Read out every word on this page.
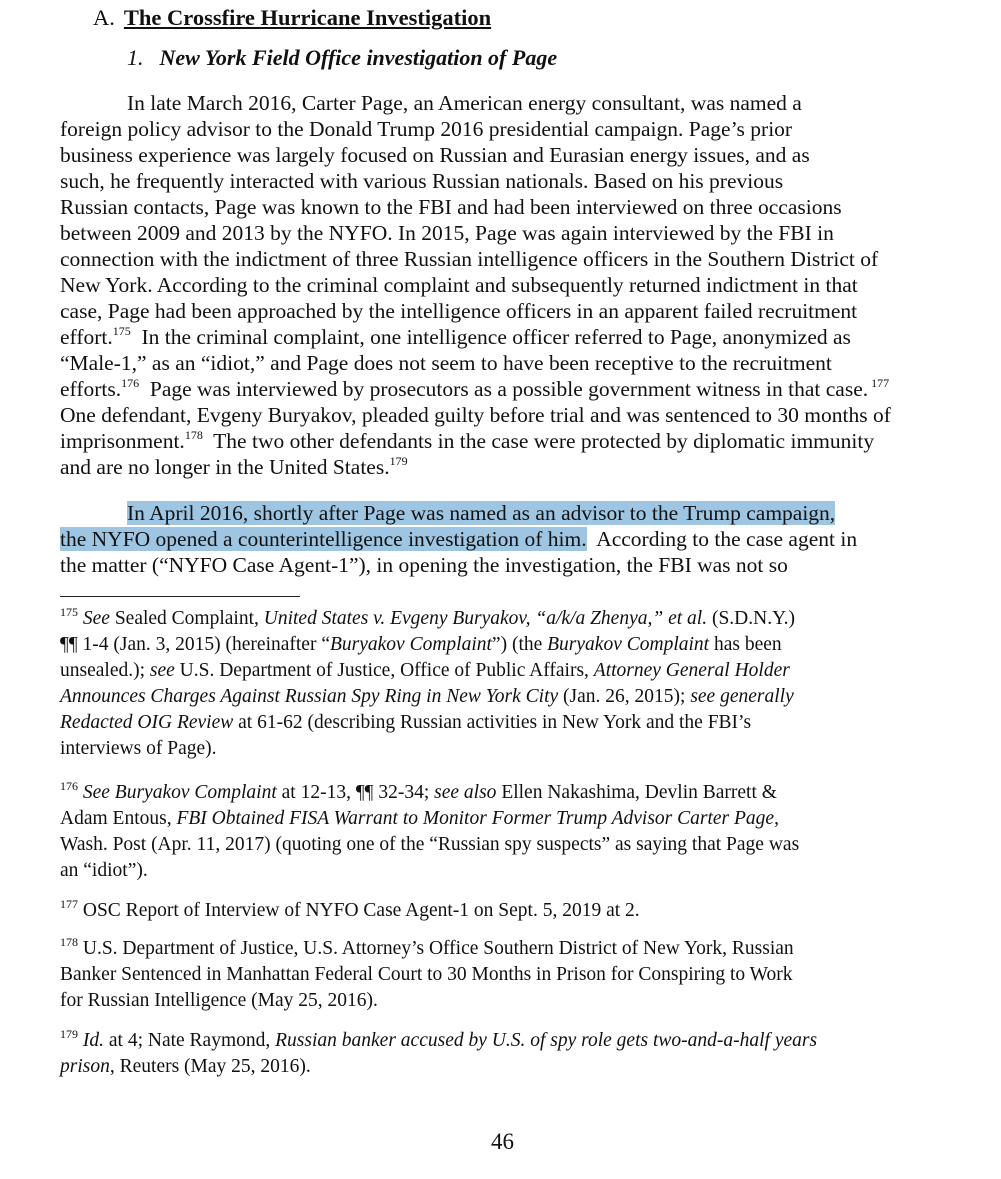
A. The Crossfire Hurricane Investigation
1. New York Field Office investigation of Page
In late March 2016, Carter Page, an American energy consultant, was named a
foreign policy advisor to the Donald Trump 2016 presidential campaign. Page’s prior
business experience was largely focused on Russian and Eurasian energy issues, and as
such, he frequently interacted with various Russian nationals. Based on his previous
Russian contacts, Page was known to the FBI and had been interviewed on three occasions
between 2009 and 2013 by the NYFO. In 2015, Page was again interviewed by the FBI in
connection with the indictment of three Russian intelligence officers in the Southern District of
New York. According to the criminal complaint and subsequently returned indictment in that
case, Page had been approached by the intelligence officers in an apparent failed recruitment
effort.$^{175}$  In the criminal complaint, one intelligence officer referred to Page, anonymized as
“Male-1,” as an “idiot,” and Page does not seem to have been receptive to the recruitment
efforts.$^{176}$  Page was interviewed by prosecutors as a possible government witness in that case. $^{177}$
One defendant, Evgeny Buryakov, pleaded guilty before trial and was sentenced to 30 months of
imprisonment.$^{178}$  The two other defendants in the case were protected by diplomatic immunity
and are no longer in the United States.$^{179}$
In April 2016, shortly after Page was named as an advisor to the Trump campaign,
the NYFO opened a counterintelligence investigation of him.  According to the case agent in
the matter (“NYFO Case Agent-1”), in opening the investigation, the FBI was not so
$^{175}$ See Sealed Complaint, United States v. Evgeny Buryakov, “a/k/a Zhenya,” et al. (S.D.N.Y.)
¶¶ 1-4 (Jan. 3, 2015) (hereinafter “Buryakov Complaint”) (the Buryakov Complaint has been
unsealed.); see U.S. Department of Justice, Office of Public Affairs, Attorney General Holder
Announces Charges Against Russian Spy Ring in New York City (Jan. 26, 2015); see generally
Redacted OIG Review at 61-62 (describing Russian activities in New York and the FBI’s
interviews of Page).
$^{176}$ See Buryakov Complaint at 12-13, ¶¶ 32-34; see also Ellen Nakashima, Devlin Barrett &
Adam Entous, FBI Obtained FISA Warrant to Monitor Former Trump Advisor Carter Page,
Wash. Post (Apr. 11, 2017) (quoting one of the “Russian spy suspects” as saying that Page was
an “idiot”).
$^{177}$ OSC Report of Interview of NYFO Case Agent-1 on Sept. 5, 2019 at 2.
$^{178}$ U.S. Department of Justice, U.S. Attorney’s Office Southern District of New York, Russian
Banker Sentenced in Manhattan Federal Court to 30 Months in Prison for Conspiring to Work
for Russian Intelligence (May 25, 2016).
$^{179}$ Id. at 4; Nate Raymond, Russian banker accused by U.S. of spy role gets two-and-a-half years
prison, Reuters (May 25, 2016).
46
